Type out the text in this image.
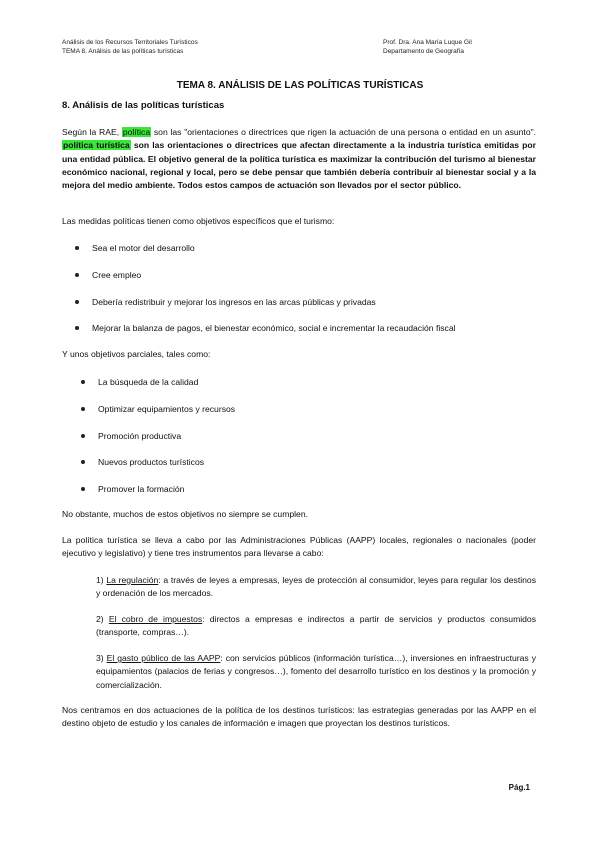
Análisis de los Recursos Territoriales Turísticos
TEMA 8. Análisis de las políticas turísticas
Prof. Dra. Ana María Luque Gil
Departamento de Geografía
TEMA 8. ANÁLISIS DE LAS POLÍTICAS TURÍSTICAS
8. Análisis de las políticas turísticas
Según la RAE, política son las "orientaciones o directrices que rigen la actuación de una persona o entidad en un asunto". política turística son las orientaciones o directrices que afectan directamente a la industria turística emitidas por una entidad pública. El objetivo general de la política turística es maximizar la contribución del turismo al bienestar económico nacional, regional y local, pero se debe pensar que también debería contribuir al bienestar social y a la mejora del medio ambiente. Todos estos campos de actuación son llevados por el sector público.
Las medidas políticas tienen como objetivos específicos que el turismo:
Sea el motor del desarrollo
Cree empleo
Debería redistribuir y mejorar los ingresos en las arcas públicas y privadas
Mejorar la balanza de pagos, el bienestar económico, social e incrementar la recaudación fiscal
Y unos objetivos parciales, tales como:
La búsqueda de la calidad
Optimizar equipamientos y recursos
Promoción productiva
Nuevos productos turísticos
Promover la formación
No obstante, muchos de estos objetivos no siempre se cumplen.
La política turística se lleva a cabo por las Administraciones Públicas (AAPP) locales, regionales o nacionales (poder ejecutivo y legislativo) y tiene tres instrumentos para llevarse a cabo:
1) La regulación: a través de leyes a empresas, leyes de protección al consumidor, leyes para regular los destinos y ordenación de los mercados.
2) El cobro de impuestos: directos a empresas e indirectos a partir de servicios y productos consumidos (transporte, compras…).
3) El gasto público de las AAPP: con servicios públicos (información turística…), inversiones en infraestructuras y equipamientos (palacios de ferias y congresos…), fomento del desarrollo turístico en los destinos y la promoción y comercialización.
Nos centramos en dos actuaciones de la política de los destinos turísticos: las estrategias generadas por las AAPP en el destino objeto de estudio y los canales de información e imagen que proyectan los destinos turísticos.
Pág.1
